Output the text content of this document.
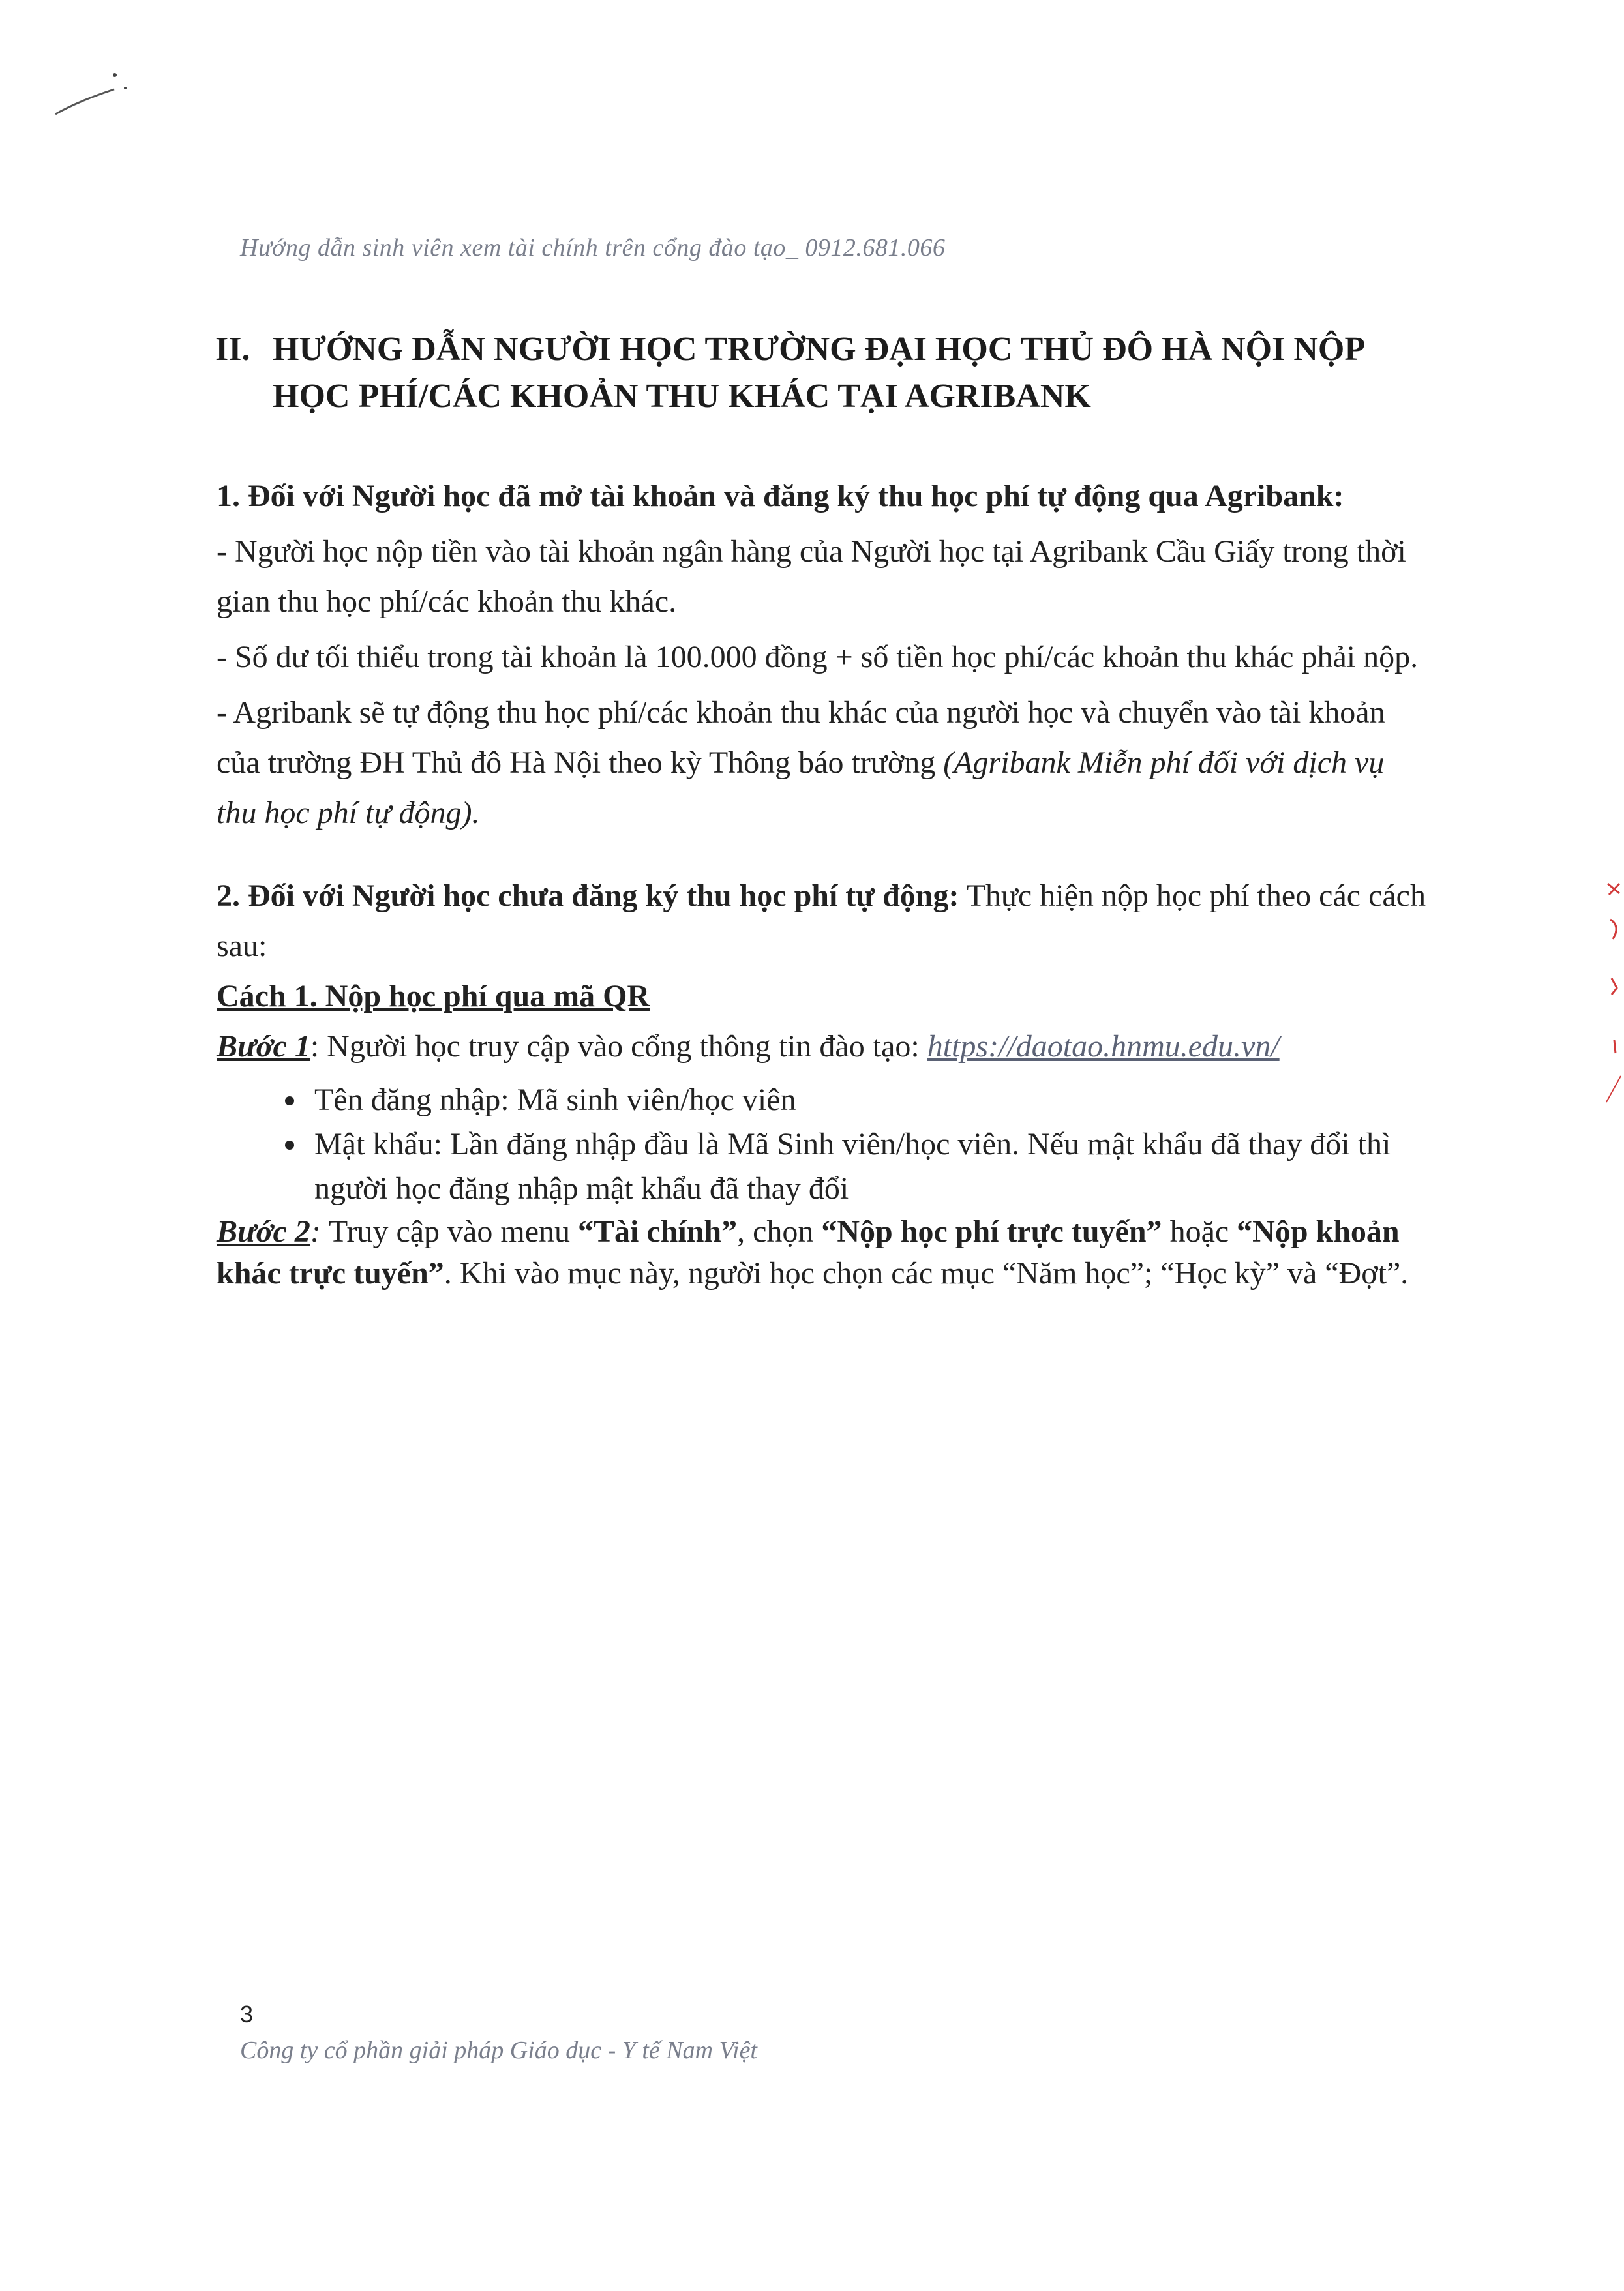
Hướng dẫn sinh viên xem tài chính trên cổng đào tạo_ 0912.681.066
II. HƯỚNG DẪN NGƯỜI HỌC TRƯỜNG ĐẠI HỌC THỦ ĐÔ HÀ NỘI NỘP
HỌC PHÍ/CÁC KHOẢN THU KHÁC TẠI AGRIBANK

1. Đối với Người học đã mở tài khoản và đăng ký thu học phí tự động qua Agribank:

- Người học nộp tiền vào tài khoản ngân hàng của Người học tại Agribank Cầu Giấy trong thời gian thu học phí/các khoản thu khác.

- Số dư tối thiểu trong tài khoản là 100.000 đồng + số tiền học phí/các khoản thu khác phải nộp.

- Agribank sẽ tự động thu học phí/các khoản thu khác của người học và chuyển vào tài khoản của trường ĐH Thủ đô Hà Nội theo kỳ Thông báo trường (Agribank Miễn phí đối với dịch vụ thu học phí tự động).

2. Đối với Người học chưa đăng ký thu học phí tự động: Thực hiện nộp học phí theo các cách sau:

Cách 1. Nộp học phí qua mã QR

Bước 1: Người học truy cập vào cổng thông tin đào tạo: https://daotao.hnmu.edu.vn/

• Tên đăng nhập: Mã sinh viên/học viên
• Mật khẩu: Lần đăng nhập đầu là Mã Sinh viên/học viên. Nếu mật khẩu đã thay đổi thì người học đăng nhập mật khẩu đã thay đổi

Bước 2: Truy cập vào menu “Tài chính”, chọn “Nộp học phí trực tuyến” hoặc “Nộp khoản khác trực tuyến”. Khi vào mục này, người học chọn các mục “Năm học”; “Học kỳ” và “Đợt”.

3
Công ty cổ phần giải pháp Giáo dục - Y tế Nam Việt
